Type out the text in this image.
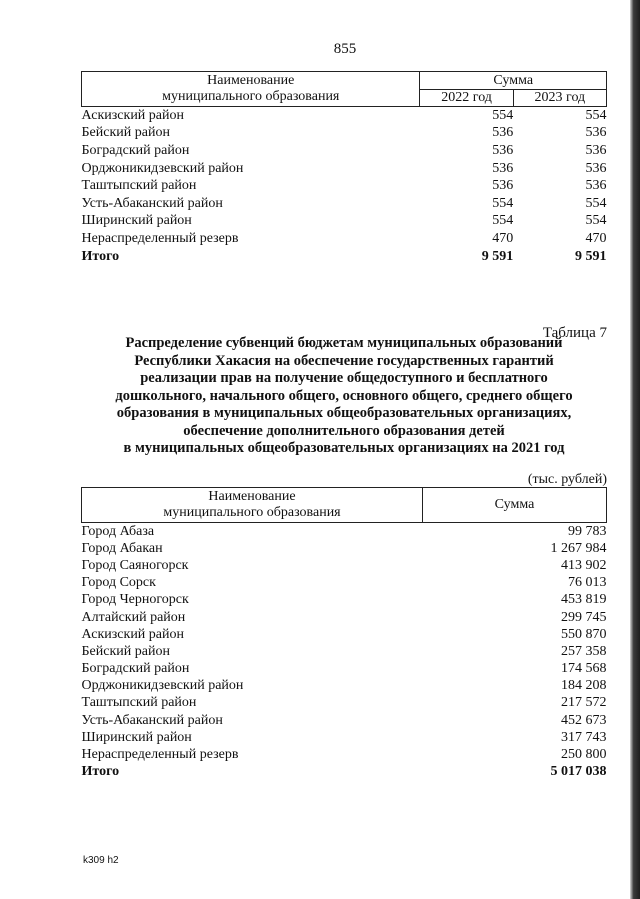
855
Наименование
муниципального образования	Сумма	
	2022 год	2023 год
Аскизский район	554	554
Бейский район	536	536
Боградский район	536	536
Орджоникидзевский район	536	536
Таштыпский район	536	536
Усть-Абаканский район	554	554
Ширинский район	554	554
Нераспределенный резерв	470	470
Итого	9 591	9 591
Таблица 7
Распределение субвенций бюджетам муниципальных образований
Республики Хакасия на обеспечение государственных гарантий
реализации прав на получение общедоступного и бесплатного
дошкольного, начального общего, основного общего, среднего общего
образования в муниципальных общеобразовательных организациях,
обеспечение дополнительного образования детей
в муниципальных общеобразовательных организациях на 2021 год
(тыс. рублей)
Наименование
муниципального образования	Сумма
Город Абаза	99 783
Город Абакан	1 267 984
Город Саяногорск	413 902
Город Сорск	76 013
Город Черногорск	453 819
Алтайский район	299 745
Аскизский район	550 870
Бейский район	257 358
Боградский район	174 568
Орджоникидзевский район	184 208
Таштыпский район	217 572
Усть-Абаканский район	452 673
Ширинский район	317 743
Нераспределенный резерв	250 800
Итого	5 017 038
k309 h2
